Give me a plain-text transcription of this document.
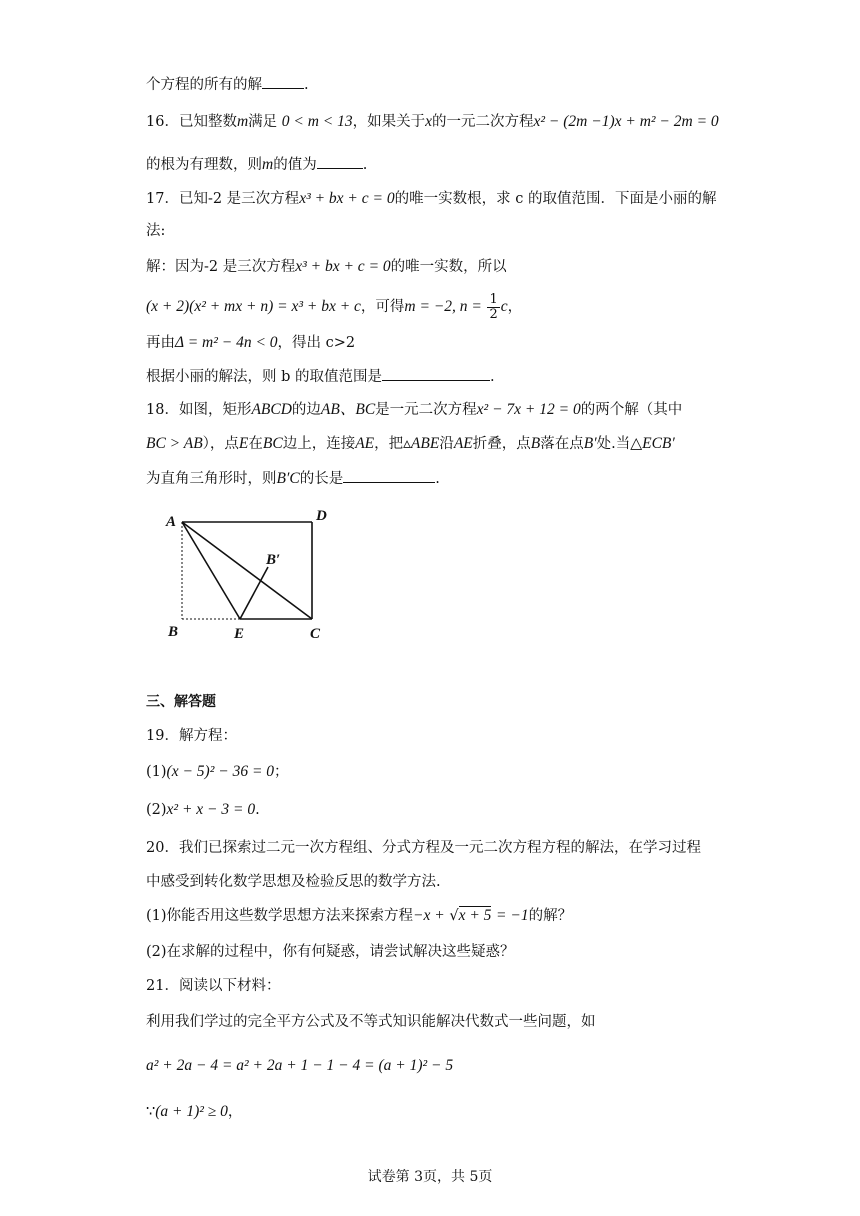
个方程的所有的解	.
16．已知整数m满足 0 < m < 13，如果关于x的一元二次方程x² − (2m −1)x + m² − 2m = 0
的根为有理数，则m的值为	.
17．已知-2 是三次方程x³ + bx + c = 0的唯一实数根，求 c 的取值范围．下面是小丽的解
法:
解：因为-2 是三次方程x³ + bx + c = 0的唯一实数，所以
(x + 2)(x² + mx + n) = x³ + bx + c，可得m = −2, $n = \frac{1}{2}$ c，
再由Δ = m² − 4n < 0，得出 c>2
根据小丽的解法，则 b 的取值范围是	.
18．如图，矩形ABCD的边AB、BC是一元二次方程x² − 7x + 12 = 0的两个解（其中
BC > AB），点E在BC边上，连接AE，把▵ABE沿AE折叠，点B落在点B′处.当△ECB′
为直角三角形时，则B′C的长是	.
A	D
B′
B	E	C
三、解答题
19．解方程：
(1)(x − 5)² − 36 = 0；
(2)x² + x − 3 = 0.
20．我们已探索过二元一次方程组、分式方程及一元二次方程方程的解法，在学习过程
中感受到转化数学思想及检验反思的数学方法.
(1)你能否用这些数学思想方法来探索方程−x + √x + 5 = −1的解？
(2)在求解的过程中，你有何疑惑，请尝试解决这些疑惑？
21．阅读以下材料：
利用我们学过的完全平方公式及不等式知识能解决代数式一些问题，如
a² + 2a − 4 = a² + 2a + 1 − 1 − 4 = (a + 1)² − 5
∵(a + 1)² ≥ 0，
试卷第 3页，共 5页
